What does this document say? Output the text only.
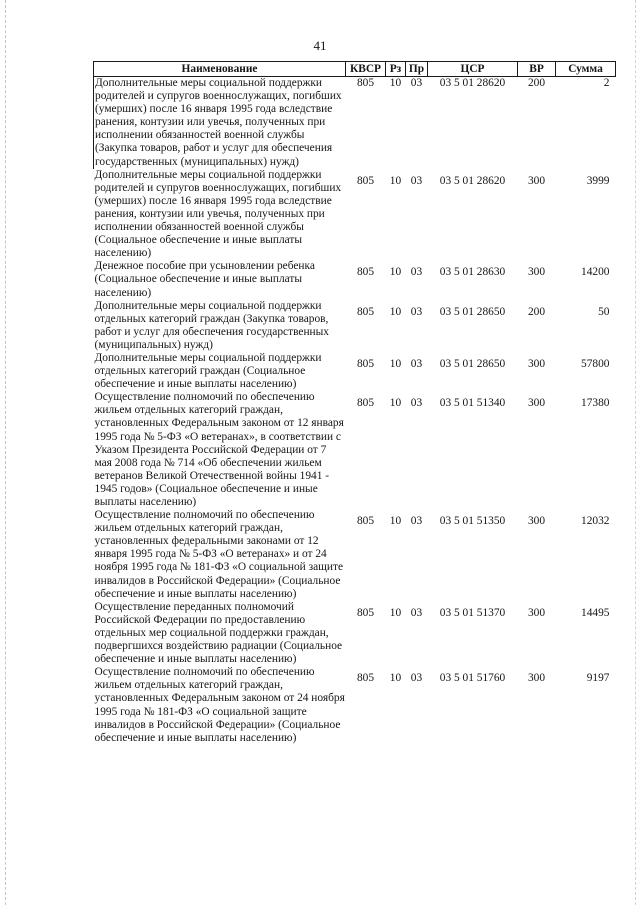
41
Наименование	КВСР	Рз	Пр	ЦСР	ВР	Сумма
Дополнительные меры социальной поддержки родителей и супругов военнослужащих, погибших (умерших) после 16 января 1995 года вследствие ранения, контузии или увечья, полученных при исполнении обязанностей военной службы (Закупка товаров, работ и услуг для обеспечения государственных (муниципальных) нужд)	805	10	03	03 5 01 28620	200	2
Дополнительные меры социальной поддержки родителей и супругов военнослужащих, погибших (умерших) после 16 января 1995 года вследствие ранения, контузии или увечья, полученных при исполнении обязанностей военной службы (Социальное обеспечение и иные выплаты населению)	805	10	03	03 5 01 28620	300	3999
Денежное пособие при усыновлении ребенка (Социальное обеспечение и иные выплаты населению)	805	10	03	03 5 01 28630	300	14200
Дополнительные меры социальной поддержки отдельных категорий граждан (Закупка товаров, работ и услуг для обеспечения государственных (муниципальных) нужд)	805	10	03	03 5 01 28650	200	50
Дополнительные меры социальной поддержки отдельных категорий граждан (Социальное обеспечение и иные выплаты населению)	805	10	03	03 5 01 28650	300	57800
Осуществление полномочий по обеспечению жильем отдельных категорий граждан, установленных Федеральным законом от 12 января 1995 года № 5-ФЗ «О ветеранах», в соответствии с Указом Президента Российской Федерации от 7 мая 2008 года № 714 «Об обеспечении жильем ветеранов Великой Отечественной войны 1941 - 1945 годов» (Социальное обеспечение и иные выплаты населению)	805	10	03	03 5 01 51340	300	17380
Осуществление полномочий по обеспечению жильем отдельных категорий граждан, установленных федеральными законами от 12 января 1995 года № 5-ФЗ «О ветеранах» и от 24 ноября 1995 года № 181-ФЗ «О социальной защите инвалидов в Российской Федерации» (Социальное обеспечение и иные выплаты населению)	805	10	03	03 5 01 51350	300	12032
Осуществление переданных полномочий Российской Федерации по предоставлению отдельных мер социальной поддержки граждан, подвергшихся воздействию радиации (Социальное обеспечение и иные выплаты населению)	805	10	03	03 5 01 51370	300	14495
Осуществление полномочий по обеспечению жильем отдельных категорий граждан, установленных Федеральным законом от 24 ноября 1995 года № 181-ФЗ «О социальной защите инвалидов в Российской Федерации» (Социальное обеспечение и иные выплаты населению)	805	10	03	03 5 01 51760	300	9197
